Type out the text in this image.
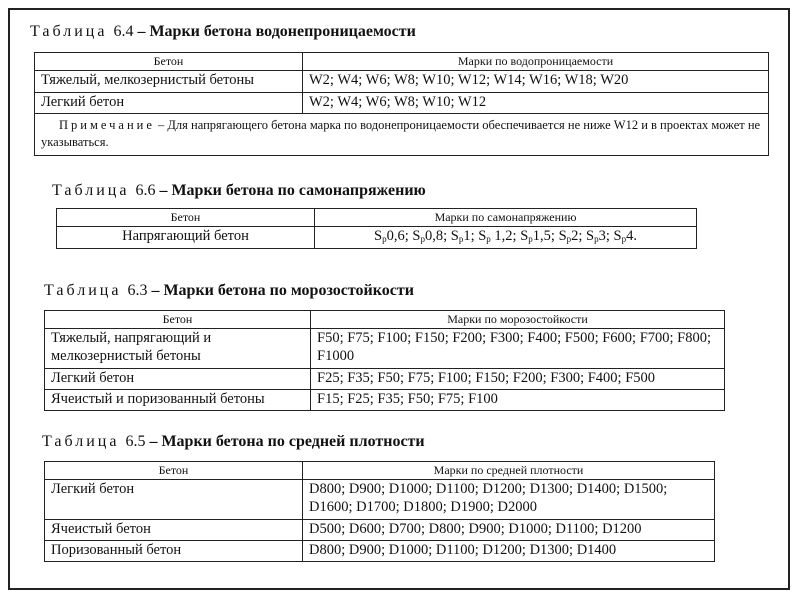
Таблица 6.4 – Марки бетона водонепроницаемости
Бетон	Марки по водопроницаемости
Тяжелый, мелкозернистый бетоны	W2; W4; W6; W8; W10; W12; W14; W16; W18; W20
Легкий бетон	W2; W4; W6; W8; W10; W12
Примечание – Для напрягающего бетона марка по водонепроницаемости обеспечивается не ниже W12 и в проектах может не указываться.	
Таблица 6.6 – Марки бетона по самонапряжению
Бетон	Марки по самонапряжению
Напрягающий бетон	$S_p0,6$; $S_p0,8$; $S_p1$; $S_p$ 1,2; $S_p1,5$; $S_p2$; $S_p3$; $S_p4$.
Таблица 6.3 – Марки бетона по морозостойкости
Бетон	Марки по морозостойкости
Тяжелый, напрягающий и мелкозернистый бетоны	F50; F75; F100; F150; F200; F300; F400; F500; F600; F700; F800; F1000
Легкий бетон	F25; F35; F50; F75; F100; F150; F200; F300; F400; F500
Ячеистый и поризованный бетоны	F15; F25; F35; F50; F75; F100
Таблица 6.5 – Марки бетона по средней плотности
Бетон	Марки по средней плотности
Легкий бетон	D800; D900; D1000; D1100; D1200; D1300; D1400; D1500; D1600; D1700; D1800; D1900; D2000
Ячеистый бетон	D500; D600; D700; D800; D900; D1000; D1100; D1200
Поризованный бетон	D800; D900; D1000; D1100; D1200; D1300; D1400
